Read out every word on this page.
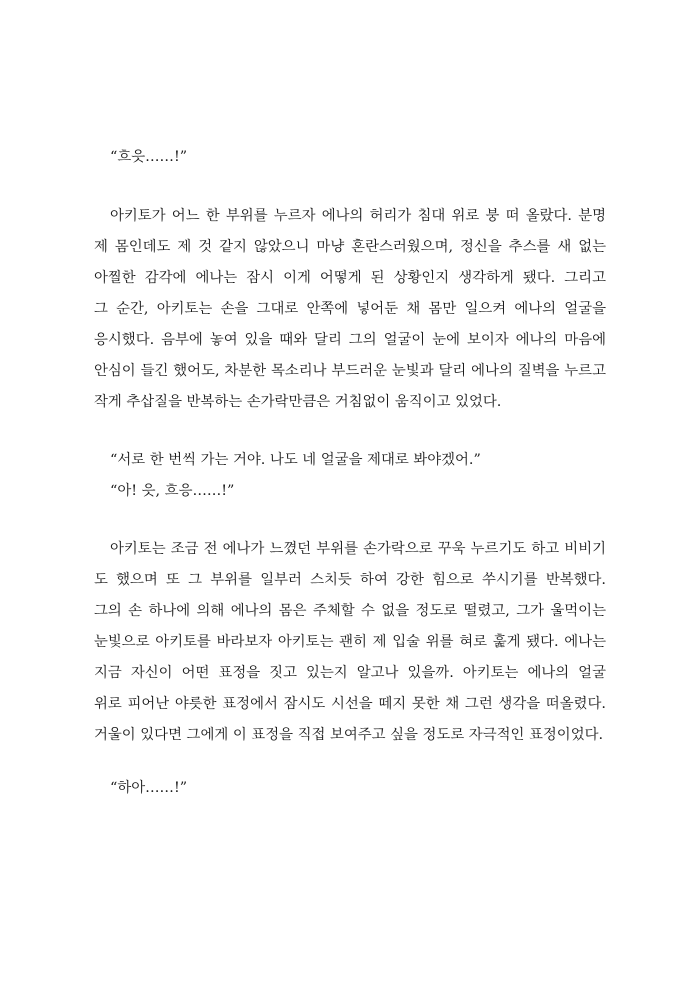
“흐읏……!”
아키토가 어느 한 부위를 누르자 에나의 허리가 침대 위로 붕 떠 올랐다. 분명
제 몸인데도 제 것 같지 않았으니 마냥 혼란스러웠으며, 정신을 추스를 새 없는
아찔한 감각에 에나는 잠시 이게 어떻게 된 상황인지 생각하게 됐다. 그리고
그 순간, 아키토는 손을 그대로 안쪽에 넣어둔 채 몸만 일으켜 에나의 얼굴을
응시했다. 음부에 놓여 있을 때와 달리 그의 얼굴이 눈에 보이자 에나의 마음에
안심이 들긴 했어도, 차분한 목소리나 부드러운 눈빛과 달리 에나의 질벽을 누르고
작게 추삽질을 반복하는 손가락만큼은 거침없이 움직이고 있었다.
“서로 한 번씩 가는 거야. 나도 네 얼굴을 제대로 봐야겠어.”
“아! 읏, 흐응……!”
아키토는 조금 전 에나가 느꼈던 부위를 손가락으로 꾸욱 누르기도 하고 비비기
도 했으며 또 그 부위를 일부러 스치듯 하여 강한 힘으로 쑤시기를 반복했다.
그의 손 하나에 의해 에나의 몸은 주체할 수 없을 정도로 떨렸고, 그가 울먹이는
눈빛으로 아키토를 바라보자 아키토는 괜히 제 입술 위를 혀로 훑게 됐다. 에나는
지금 자신이 어떤 표정을 짓고 있는지 알고나 있을까. 아키토는 에나의 얼굴
위로 피어난 야릇한 표정에서 잠시도 시선을 떼지 못한 채 그런 생각을 떠올렸다.
거울이 있다면 그에게 이 표정을 직접 보여주고 싶을 정도로 자극적인 표정이었다.
“하아……!”
